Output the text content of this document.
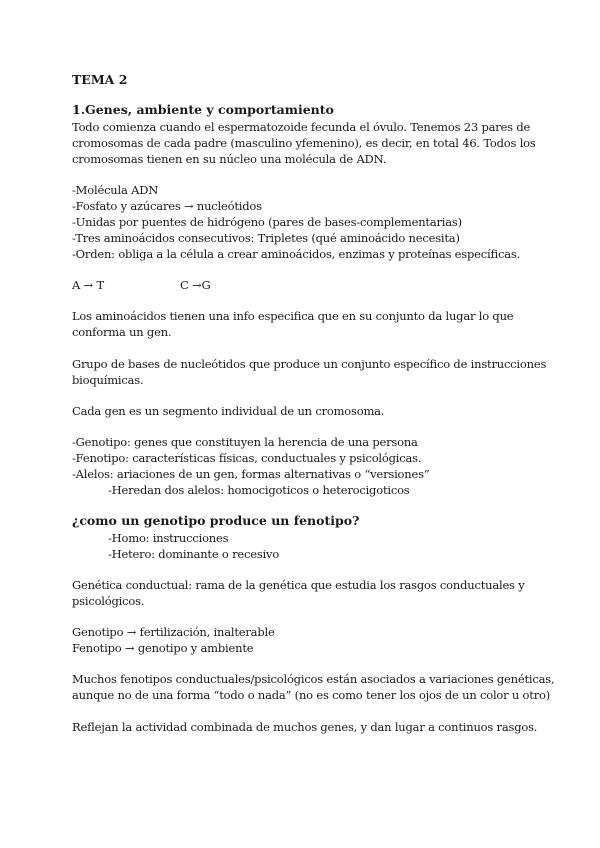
TEMA 2
1.Genes, ambiente y comportamiento
Todo comienza cuando el espermatozoide fecunda el óvulo. Tenemos 23 pares de
cromosomas de cada padre (masculino yfemenino), es decir, en total 46. Todos los
cromosomas tienen en su núcleo una molécula de ADN.
-Molécula ADN
-Fosfato y azúcares → nucleótidos
-Unidas por puentes de hidrógeno (pares de bases-complementarias)
-Tres aminoácidos consecutivos: Tripletes (qué aminoácido necesita)
-Orden: obliga a la célula a crear aminoácidos, enzimas y proteínas específicas.
A → T	C →G
Los aminoácidos tienen una info especifica que en su conjunto da lugar lo que
conforma un gen.
Grupo de bases de nucleótidos que produce un conjunto específico de instrucciones
bioquímicas.
Cada gen es un segmento individual de un cromosoma.
-Genotipo: genes que constituyen la herencia de una persona
-Fenotipo: características físicas, conductuales y psicológicas.
-Alelos: ariaciones de un gen, formas alternativas o “versiones”
-Heredan dos alelos: homocigoticos o heterocigoticos
¿como un genotipo produce un fenotipo?
-Homo: instrucciones
-Hetero: dominante o recesivo
Genética conductual: rama de la genética que estudia los rasgos conductuales y
psicológicos.
Genotipo → fertilización, inalterable
Fenotipo → genotipo y ambiente
Muchos fenotipos conductuales/psicológicos están asociados a variaciones genéticas,
aunque no de una forma “todo o nada” (no es como tener los ojos de un color u otro)
Reflejan la actividad combinada de muchos genes, y dan lugar a continuos rasgos.
